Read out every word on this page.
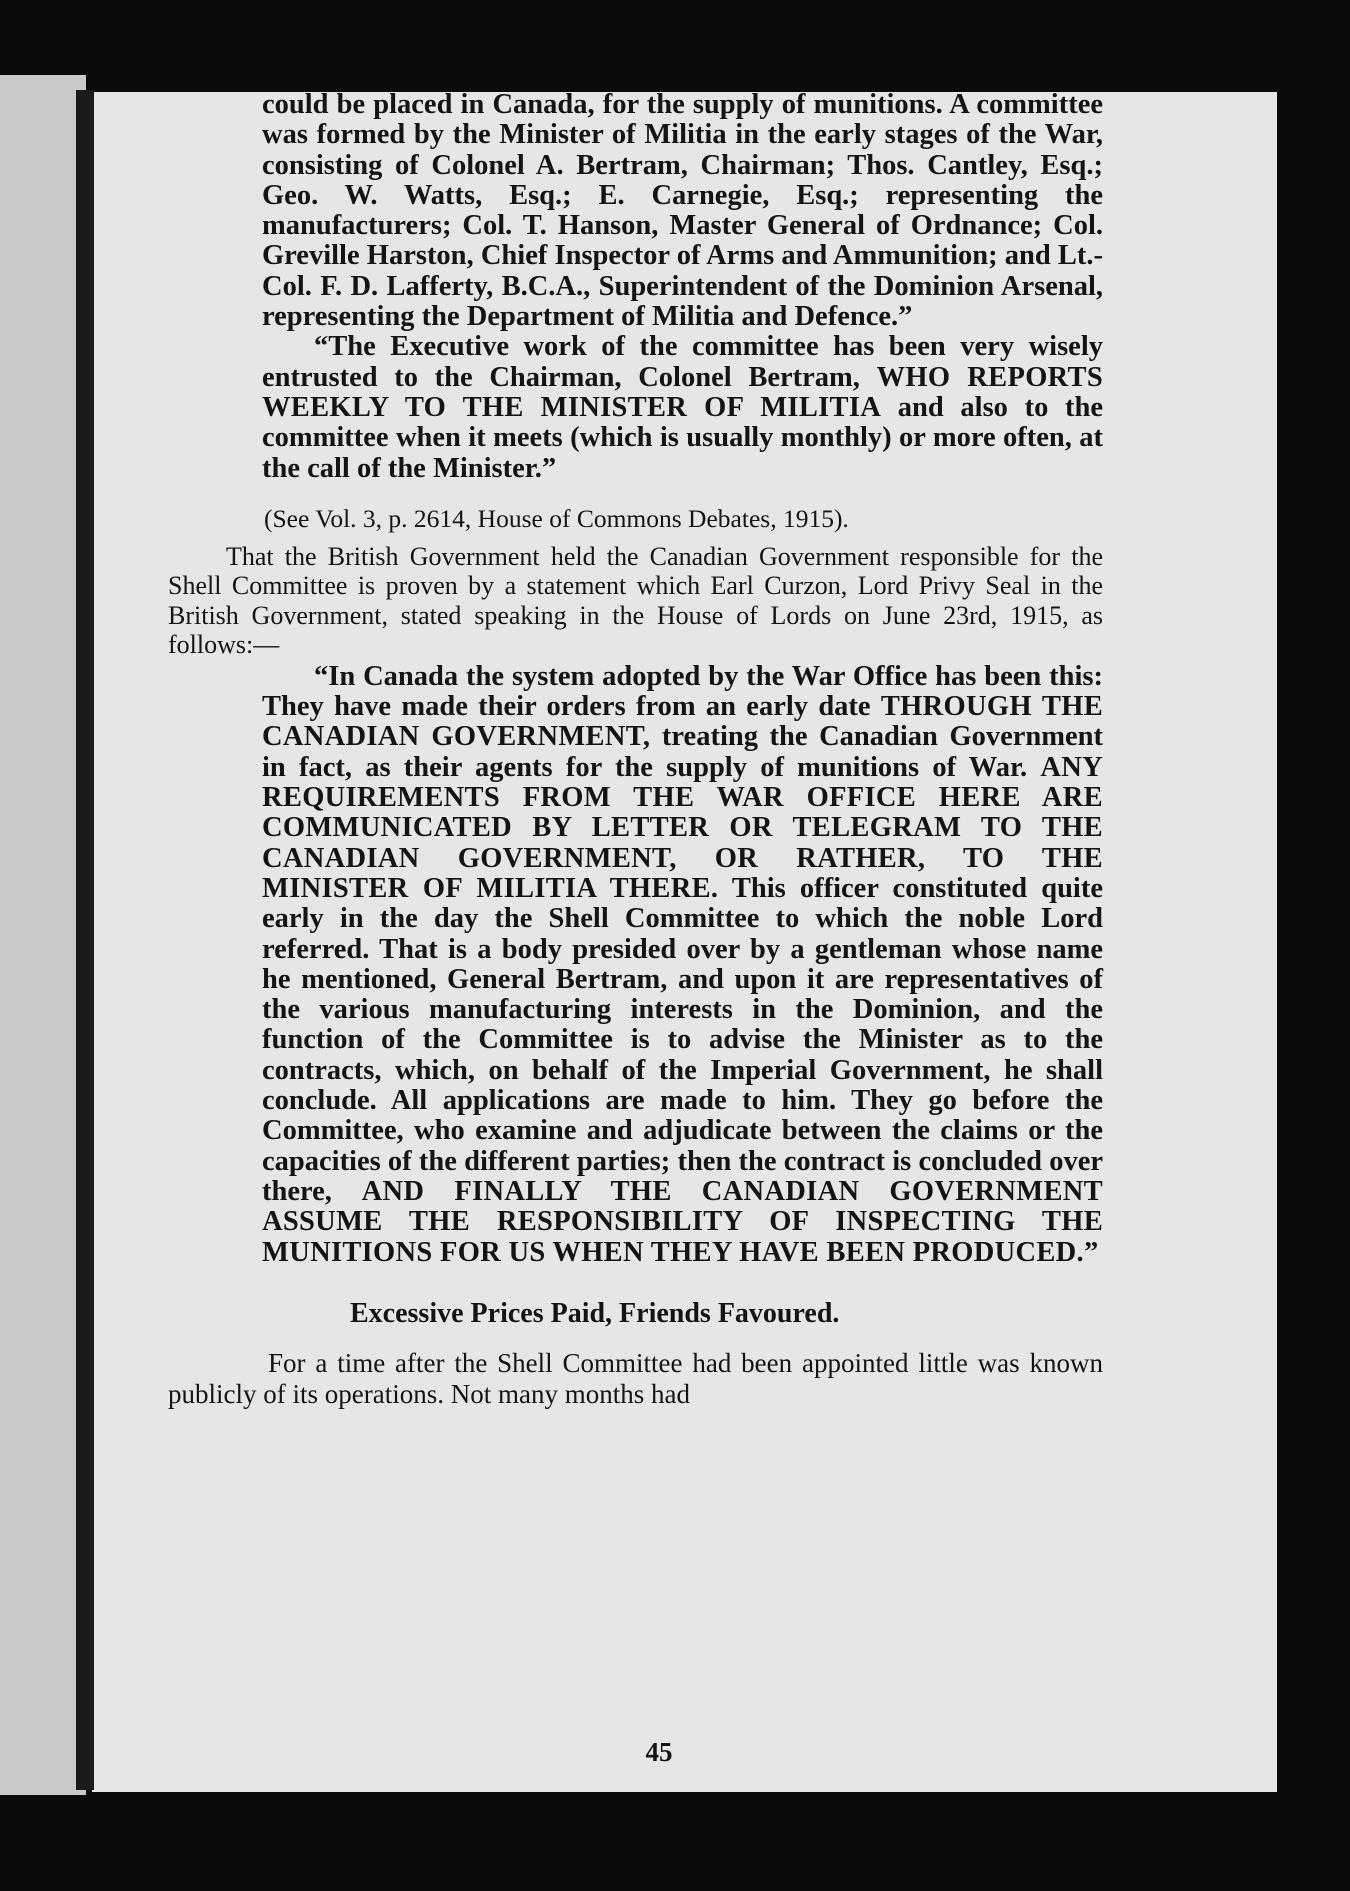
could be placed in Canada, for the supply of munitions. A committee was formed by the Minister of Militia in the early stages of the War, consisting of Colonel A. Bertram, Chairman; Thos. Cantley, Esq.; Geo. W. Watts, Esq.; E. Carnegie, Esq.; representing the manufacturers; Col. T. Hanson, Master General of Ordnance; Col. Greville Harston, Chief Inspector of Arms and Ammunition; and Lt.-Col. F. D. Lafferty, B.C.A., Superintendent of the Dominion Arsenal, representing the Department of Militia and Defence.”
“The Executive work of the committee has been very wisely entrusted to the Chairman, Colonel Bertram, WHO REPORTS WEEKLY TO THE MINISTER OF MILITIA and also to the committee when it meets (which is usually monthly) or more often, at the call of the Minister.”

(See Vol. 3, p. 2614, House of Commons Debates, 1915).

That the British Government held the Canadian Government responsible for the Shell Committee is proven by a statement which Earl Curzon, Lord Privy Seal in the British Government, stated speaking in the House of Lords on June 23rd, 1915, as follows:—

“In Canada the system adopted by the War Office has been this: They have made their orders from an early date THROUGH THE CANADIAN GOVERNMENT, treating the Canadian Government in fact, as their agents for the supply of munitions of War. ANY REQUIREMENTS FROM THE WAR OFFICE HERE ARE COMMUNICATED BY LETTER OR TELEGRAM TO THE CANADIAN GOVERNMENT, OR RATHER, TO THE MINISTER OF MILITIA THERE. This officer constituted quite early in the day the Shell Committee to which the noble Lord referred. That is a body presided over by a gentleman whose name he mentioned, General Bertram, and upon it are representatives of the various manufacturing interests in the Dominion, and the function of the Committee is to advise the Minister as to the contracts, which, on behalf of the Imperial Government, he shall conclude. All applications are made to him. They go before the Committee, who examine and adjudicate between the claims or the capacities of the different parties; then the contract is concluded over there, AND FINALLY THE CANADIAN GOVERNMENT ASSUME THE RESPONSIBILITY OF INSPECTING THE MUNITIONS FOR US WHEN THEY HAVE BEEN PRODUCED.”

Excessive Prices Paid, Friends Favoured.

For a time after the Shell Committee had been appointed little was known publicly of its operations. Not many months had

45
